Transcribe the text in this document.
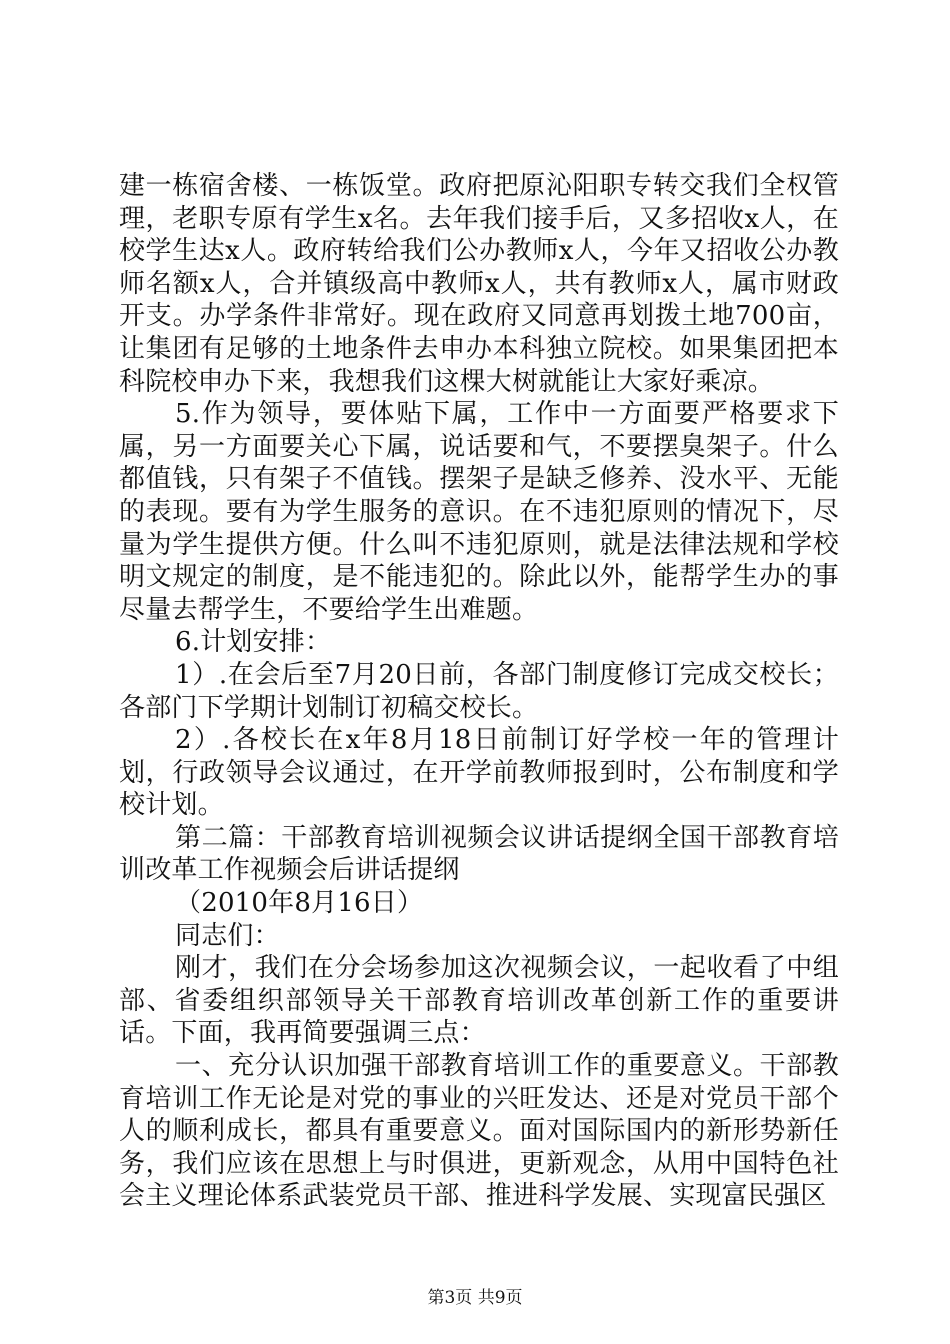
建一栋宿舍楼、一栋饭堂。政府把原沁阳职专转交我们全权管理，老职专原有学生x名。去年我们接手后，又多招收x人，在校学生达x人。政府转给我们公办教师x人，今年又招收公办教师名额x人，合并镇级高中教师x人，共有教师x人，属市财政开支。办学条件非常好。现在政府又同意再划拨土地700亩，让集团有足够的土地条件去申办本科独立院校。如果集团把本科院校申办下来，我想我们这棵大树就能让大家好乘凉。

5.作为领导，要体贴下属，工作中一方面要严格要求下属，另一方面要关心下属，说话要和气，不要摆臭架子。什么都值钱，只有架子不值钱。摆架子是缺乏修养、没水平、无能的表现。要有为学生服务的意识。在不违犯原则的情况下，尽量为学生提供方便。什么叫不违犯原则，就是法律法规和学校明文规定的制度，是不能违犯的。除此以外，能帮学生办的事尽量去帮学生，不要给学生出难题。

6.计划安排：

1）.在会后至7月20日前，各部门制度修订完成交校长；各部门下学期计划制订初稿交校长。

2）.各校长在x年8月18日前制订好学校一年的管理计划，行政领导会议通过，在开学前教师报到时，公布制度和学校计划。

第二篇：干部教育培训视频会议讲话提纲全国干部教育培训改革工作视频会后讲话提纲

（2010年8月16日）

同志们：

刚才，我们在分会场参加这次视频会议，一起收看了中组部、省委组织部领导关干部教育培训改革创新工作的重要讲话。下面，我再简要强调三点：

一、充分认识加强干部教育培训工作的重要意义。干部教育培训工作无论是对党的事业的兴旺发达、还是对党员干部个人的顺利成长，都具有重要意义。面对国际国内的新形势新任务，我们应该在思想上与时俱进，更新观念，从用中国特色社会主义理论体系武装党员干部、推进科学发展、实现富民强区

第3页 共9页
